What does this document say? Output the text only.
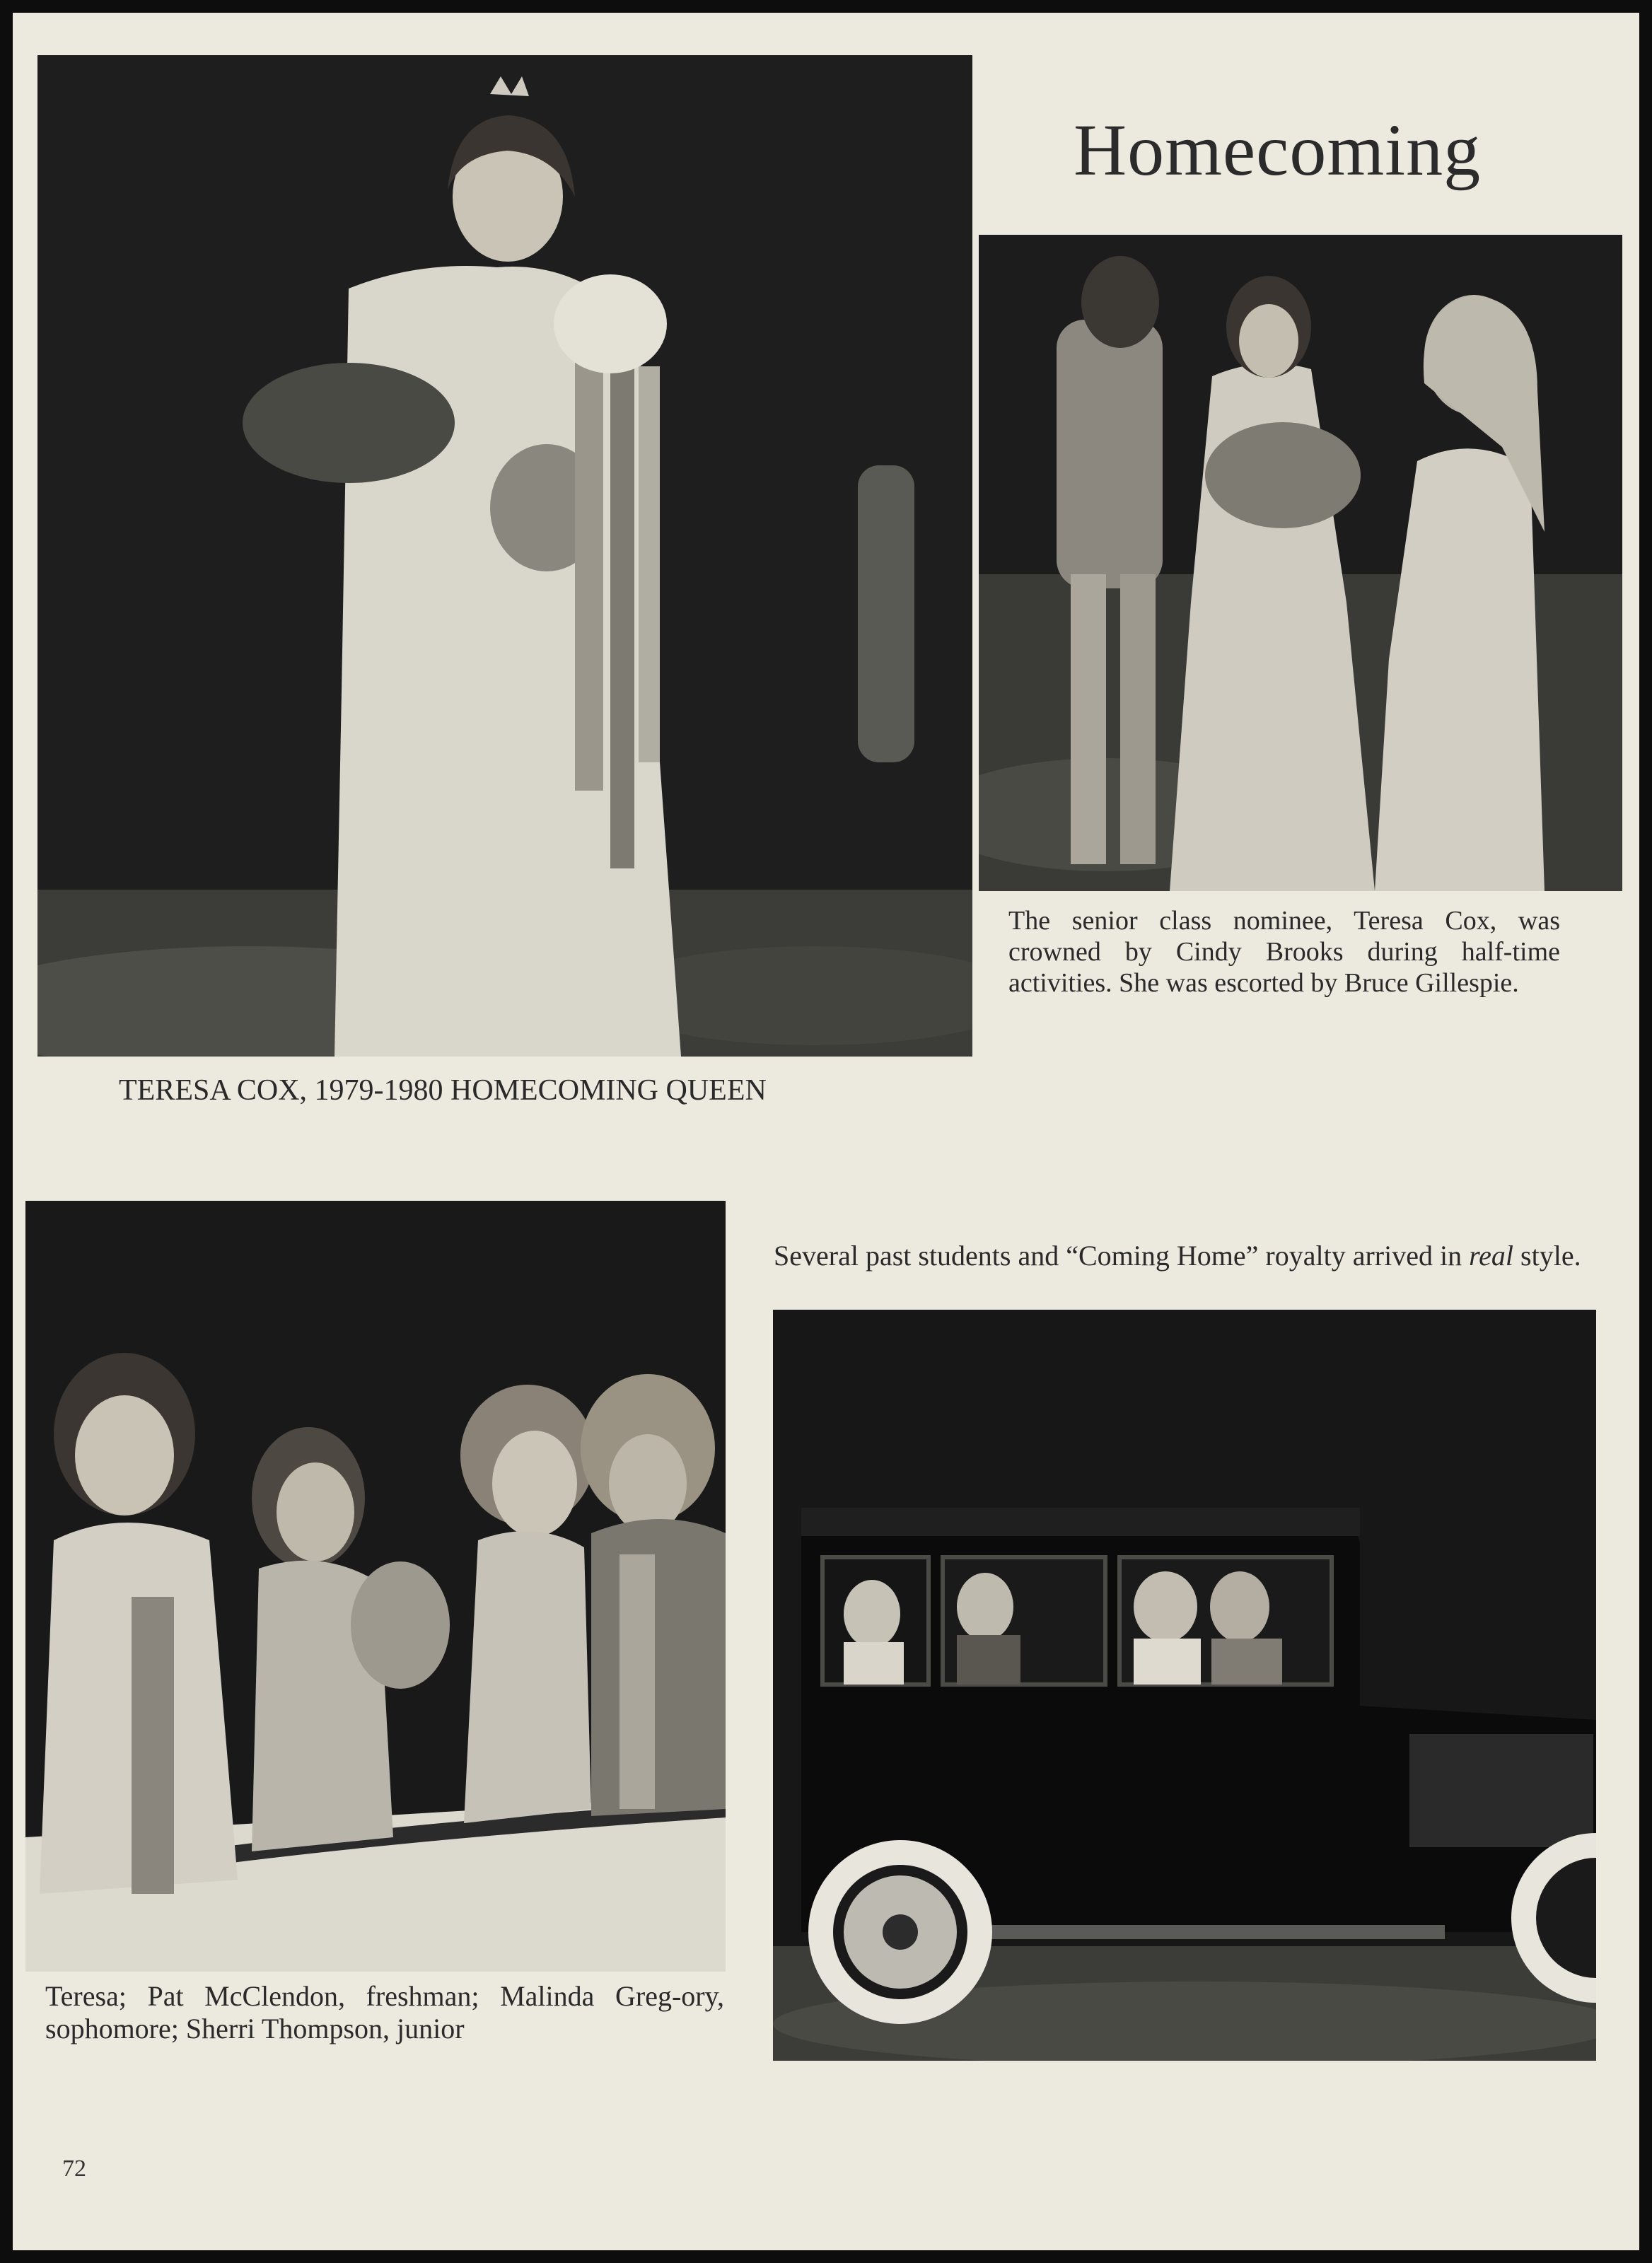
Homecoming

TERESA COX, 1979-1980 HOMECOMING QUEEN

The senior class nominee, Teresa Cox, was crowned by Cindy Brooks during half-time activities. She was escorted by Bruce Gillespie.

Teresa; Pat McClendon, freshman; Malinda Greg-ory, sophomore; Sherri Thompson, junior

Several past students and “Coming Home” royalty arrived in real style.

72
